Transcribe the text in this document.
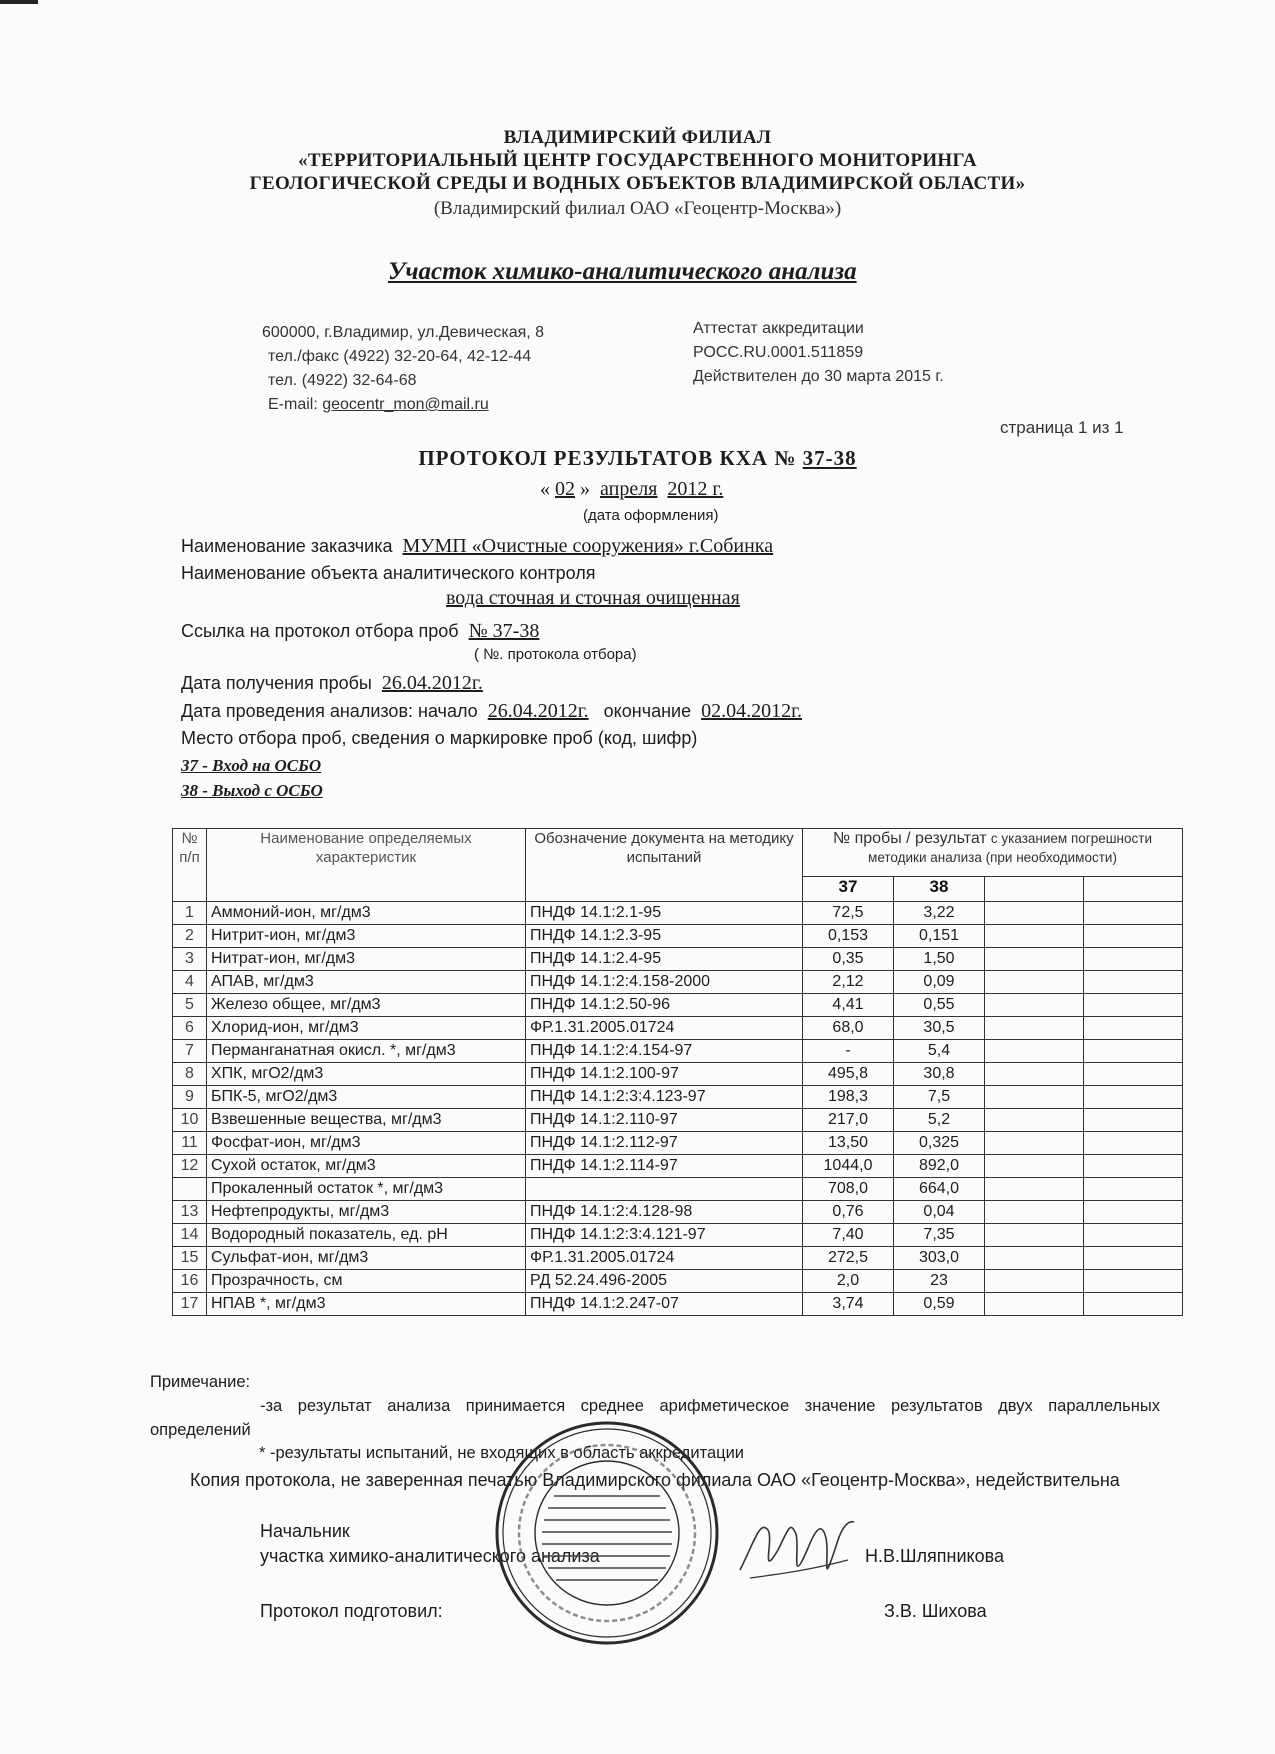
ВЛАДИМИРСКИЙ ФИЛИАЛ
«ТЕРРИТОРИАЛЬНЫЙ ЦЕНТР ГОСУДАРСТВЕННОГО МОНИТОРИНГА
ГЕОЛОГИЧЕСКОЙ СРЕДЫ И ВОДНЫХ ОБЪЕКТОВ ВЛАДИМИРСКОЙ ОБЛАСТИ»
(Владимирский филиал ОАО «Геоцентр-Москва»)
Участок химико-аналитического анализа
600000, г.Владимир, ул.Девическая, 8
тел./факс (4922) 32-20-64, 42-12-44
тел. (4922) 32-64-68
E-mail: geocentr_mon@mail.ru
Аттестат аккредитации
РОСС.RU.0001.511859
Действителен до 30 марта 2015 г.
страница 1 из 1
ПРОТОКОЛ РЕЗУЛЬТАТОВ КХА № 37-38
« 02 » апреля 2012 г.
(дата оформления)
Наименование заказчика МУМП «Очистные сооружения» г.Собинка
Наименование объекта аналитического контроля
вода сточная и сточная очищенная
Ссылка на протокол отбора проб № 37-38
( №. протокола отбора)
Дата получения пробы 26.04.2012г.
Дата проведения анализов: начало 26.04.2012г. окончание 02.04.2012г.
Место отбора проб, сведения о маркировке проб (код, шифр)
37 - Вход на ОСБО
38 - Выход с ОСБО
№ п/п	Наименование определяемых характеристик	Обозначение документа на методику испытаний	№ пробы / результат с указанием погрешности методики анализа (при необходимости)			
			37	38		
1	Аммоний-ион, мг/дм3	ПНДФ 14.1:2.1-95	72,5	3,22		
2	Нитрит-ион, мг/дм3	ПНДФ 14.1:2.3-95	0,153	0,151		
3	Нитрат-ион, мг/дм3	ПНДФ 14.1:2.4-95	0,35	1,50		
4	АПАВ, мг/дм3	ПНДФ 14.1:2:4.158-2000	2,12	0,09		
5	Железо общее, мг/дм3	ПНДФ 14.1:2.50-96	4,41	0,55		
6	Хлорид-ион, мг/дм3	ФР.1.31.2005.01724	68,0	30,5		
7	Перманганатная окисл. *, мг/дм3	ПНДФ 14.1:2:4.154-97	-	5,4		
8	ХПК, мгО2/дм3	ПНДФ 14.1:2.100-97	495,8	30,8		
9	БПК-5, мгО2/дм3	ПНДФ 14.1:2:3:4.123-97	198,3	7,5		
10	Взвешенные вещества, мг/дм3	ПНДФ 14.1:2.110-97	217,0	5,2		
11	Фосфат-ион, мг/дм3	ПНДФ 14.1:2.112-97	13,50	0,325		
12	Сухой остаток, мг/дм3	ПНДФ 14.1:2.114-97	1044,0	892,0		
	Прокаленный остаток *, мг/дм3		708,0	664,0		
13	Нефтепродукты, мг/дм3	ПНДФ 14.1:2:4.128-98	0,76	0,04		
14	Водородный показатель, ед. pH	ПНДФ 14.1:2:3:4.121-97	7,40	7,35		
15	Сульфат-ион, мг/дм3	ФР.1.31.2005.01724	272,5	303,0		
16	Прозрачность, см	РД 52.24.496-2005	2,0	23		
17	НПАВ *, мг/дм3	ПНДФ 14.1:2.247-07	3,74	0,59		
Примечание:
-за результат анализа принимается среднее арифметическое значение результатов двух параллельных определений
* -результаты испытаний, не входящих в область аккредитации
Копия протокола, не заверенная печатью Владимирского филиала ОАО «Геоцентр-Москва», недействительна
Начальник
участка химико-аналитического анализа	Н.В.Шляпникова
Протокол подготовил:	З.В. Шихова
